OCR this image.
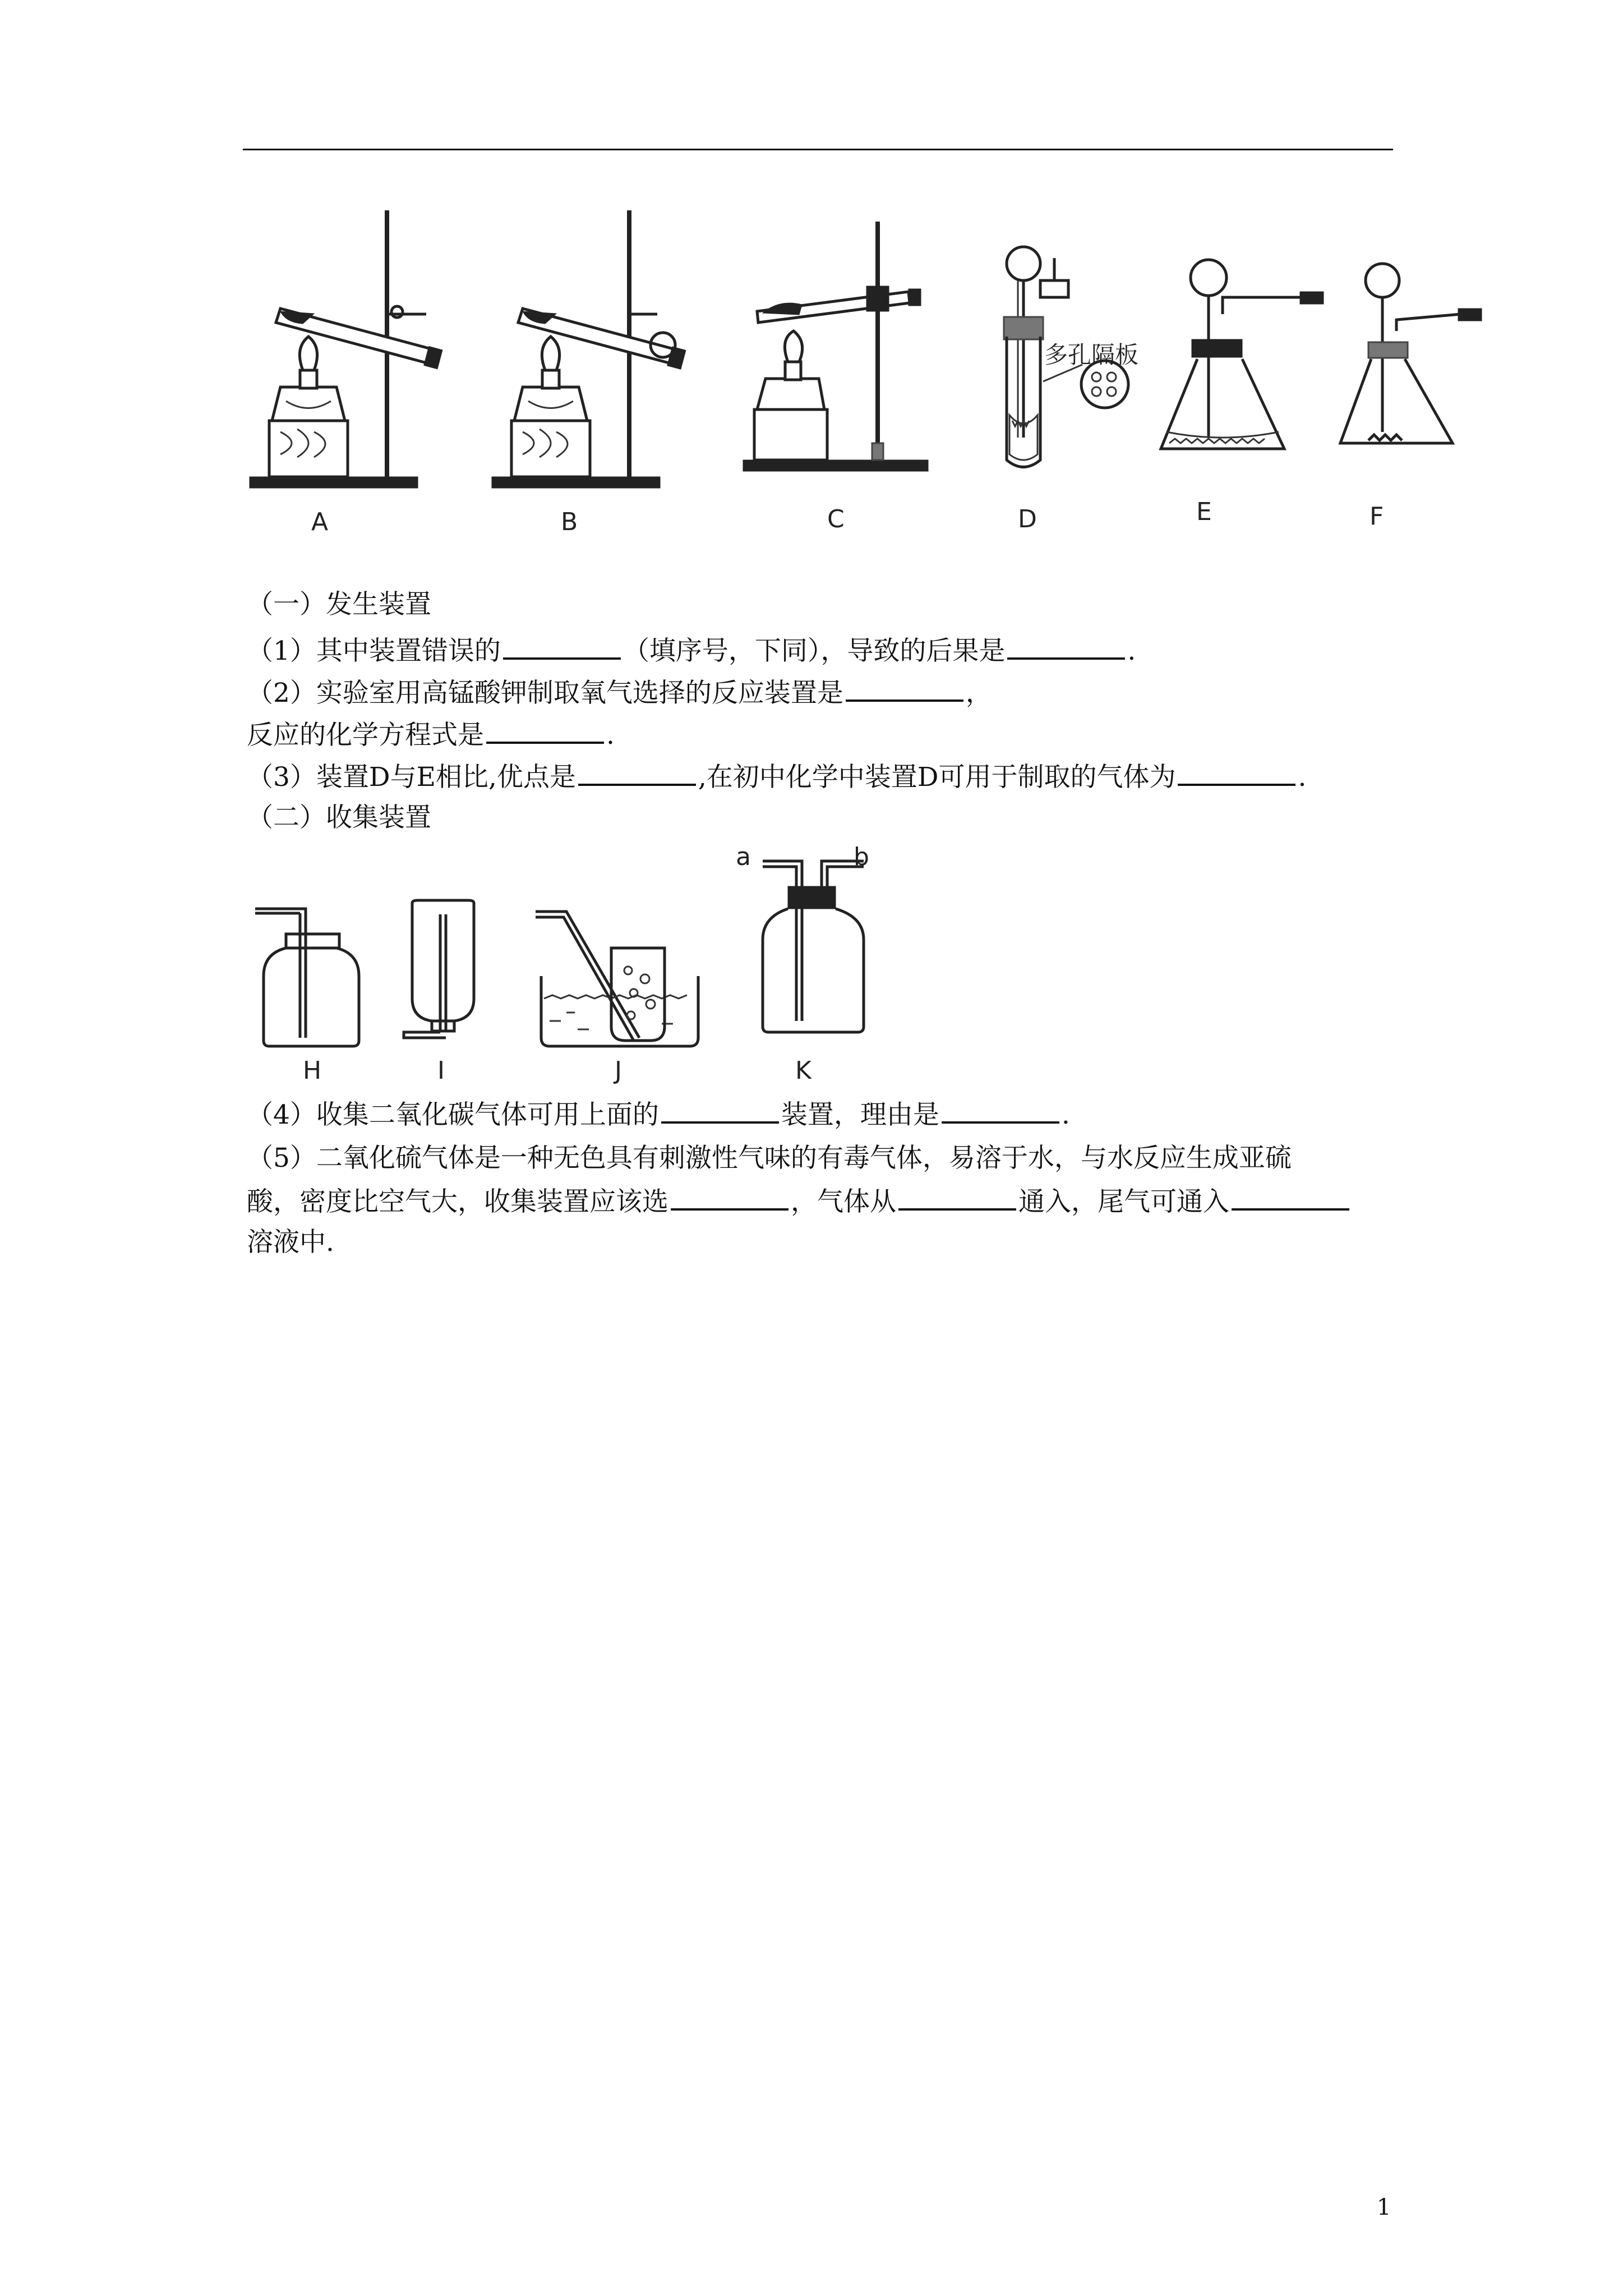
多孔隔板
A	B	C	D	E	F
（一）发生装置
（1）其中装置错误的	（填序号，下同），导致的后果是	.
（2）实验室用高锰酸钾制取氧气选择的反应装置是	，
反应的化学方程式是	.
（3）装置D与E相比,优点是	,在初中化学中装置D可用于制取的气体为	.
（二）收集装置
a	b
H	I	J	K
（4）收集二氧化碳气体可用上面的	装置，理由是	.
（5）二氧化硫气体是一种无色具有刺激性气味的有毒气体，易溶于水，与水反应生成亚硫
酸，密度比空气大，收集装置应该选	，气体从	通入，尾气可通入
溶液中.
1
